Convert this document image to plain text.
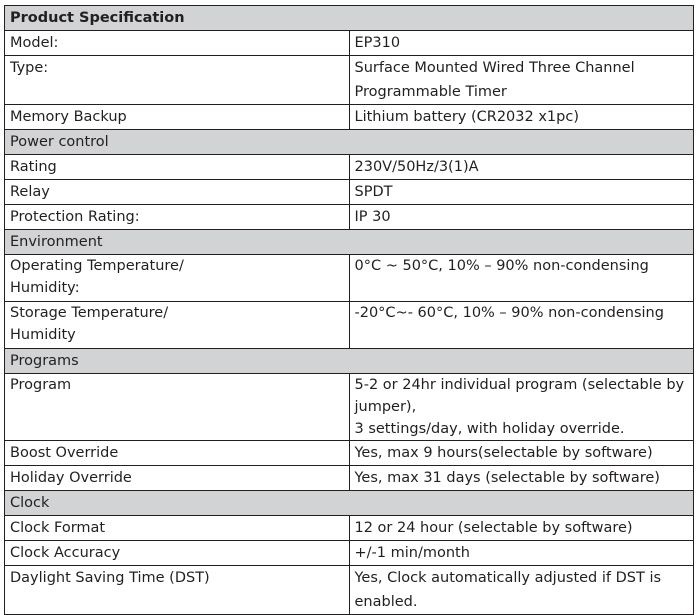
Product Specification	
Model:	EP310
Type:	Surface Mounted Wired Three Channel Programmable Timer
Memory Backup	Lithium battery (CR2032 x1pc)
Power control	
Rating	230V/50Hz/3(1)A
Relay	SPDT
Protection Rating:	IP 30
Environment	
Operating Temperature/
Humidity:	0°C ~ 50°C, 10% – 90% non-condensing
Storage Temperature/
Humidity	-20°C~- 60°C, 10% – 90% non-condensing
Programs	
Program	5-2 or 24hr individual program (selectable by jumper),
3 settings/day, with holiday override.
Boost Override	Yes, max 9 hours(selectable by software)
Holiday Override	Yes, max 31 days (selectable by software)
Clock	
Clock Format	12 or 24 hour (selectable by software)
Clock Accuracy	+/-1 min/month
Daylight Saving Time (DST)	Yes, Clock automatically adjusted if DST is enabled.
